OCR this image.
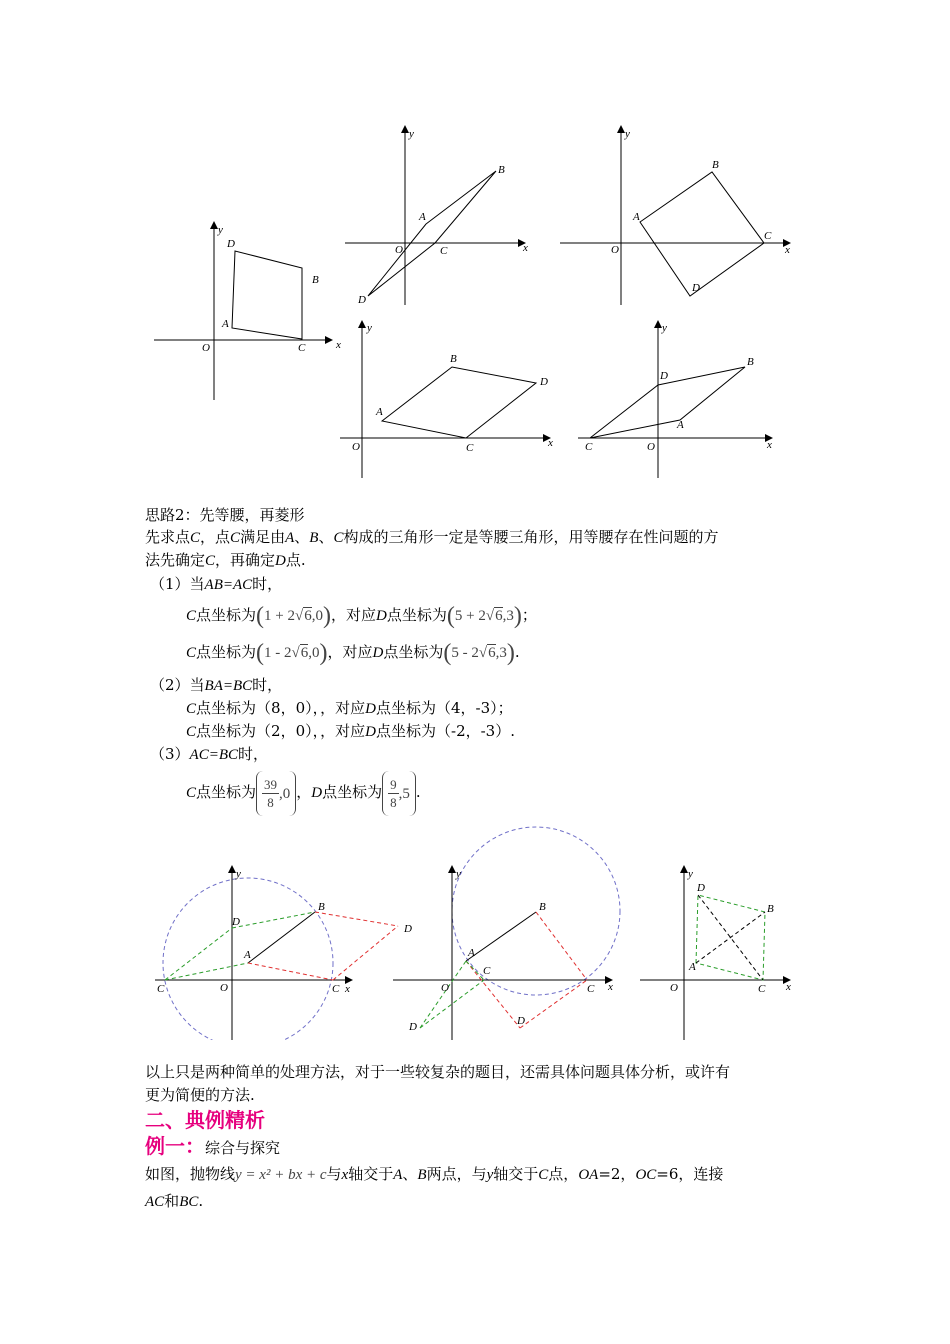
x
y
O
A
D
B
C
x
y
O
A
B
C
D
x
y
O
A
B
C
D
x
y
O
A
B
D
C	x
y
O
C
A
B
D
思路2：先等腰，再菱形
先求点C，点C满足由A、B、C构成的三角形一定是等腰三角形，用等腰存在性问题的方
法先确定C，再确定D点.
（1）当AB=AC时，
C点坐标为(1 + 2√6,0)，对应D点坐标为(5 + 2√6,3)；
C点坐标为(1 - 2√6,0)，对应D点坐标为(5 - 2√6,3).
（2）当BA=BC时，
C点坐标为（8，0），，对应D点坐标为（4，-3）；
C点坐标为（2，0），，对应D点坐标为（-2，-3）.
（3）AC=BC时，
C点坐标为 $\frac{39}{8} ,0$ ，D点坐标为 $\frac{9}{8} ,5$ .
x
y
O
C	C
A
B
D
D
x
y
O
A
B
C
C
D
D
x
y
O
A
B
C
D
以上只是两种简单的处理方法，对于一些较复杂的题目，还需具体问题具体分析，或许有
更为简便的方法.
二、典例精析
例一：综合与探究
如图，抛物线y = x² + bx + c与x轴交于A、B两点，与y轴交于C点，OA=2，OC=6，连接
AC和BC.
